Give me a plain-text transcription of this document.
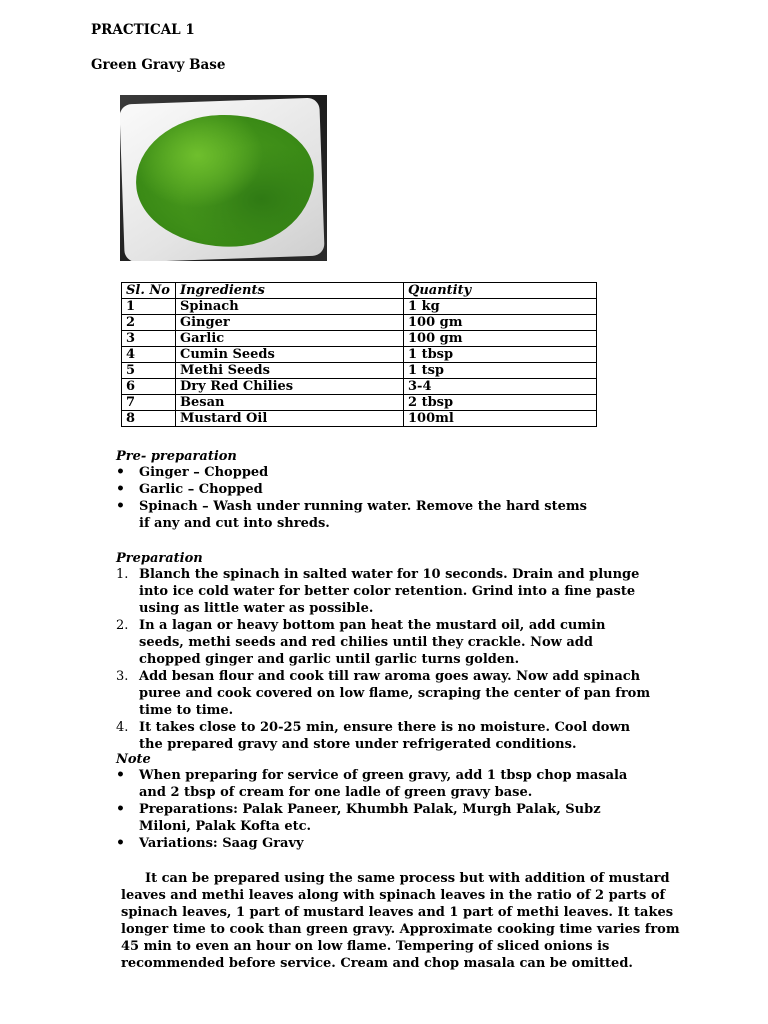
PRACTICAL 1
Green Gravy Base
Sl. No	Ingredients	Quantity
1	Spinach	1 kg
2	Ginger	100 gm
3	Garlic	100 gm
4	Cumin Seeds	1 tbsp
5	Methi Seeds	1 tsp
6	Dry Red Chilies	3-4
7	Besan	2 tbsp
8	Mustard Oil	100ml
Pre- preparation
• Ginger – Chopped
• Garlic – Chopped
• Spinach – Wash under running water. Remove the hard stems if any and cut into shreds.
Preparation
1. Blanch the spinach in salted water for 10 seconds. Drain and plunge into ice cold water for better color retention. Grind into a fine paste using as little water as possible.
2. In a lagan or heavy bottom pan heat the mustard oil, add cumin seeds, methi seeds and red chilies until they crackle. Now add chopped ginger and garlic until garlic turns golden.
3. Add besan flour and cook till raw aroma goes away. Now add spinach puree and cook covered on low flame, scraping the center of pan from time to time.
4. It takes close to 20-25 min, ensure there is no moisture. Cool down the prepared gravy and store under refrigerated conditions.
Note
• When preparing for service of green gravy, add 1 tbsp chop masala and 2 tbsp of cream for one ladle of green gravy base.
• Preparations: Palak Paneer, Khumbh Palak, Murgh Palak, Subz Miloni, Palak Kofta etc.
• Variations: Saag Gravy
It can be prepared using the same process but with addition of mustard leaves and methi leaves along with spinach leaves in the ratio of 2 parts of spinach leaves, 1 part of mustard leaves and 1 part of methi leaves. It takes longer time to cook than green gravy. Approximate cooking time varies from 45 min to even an hour on low flame. Tempering of sliced onions is recommended before service. Cream and chop masala can be omitted.
